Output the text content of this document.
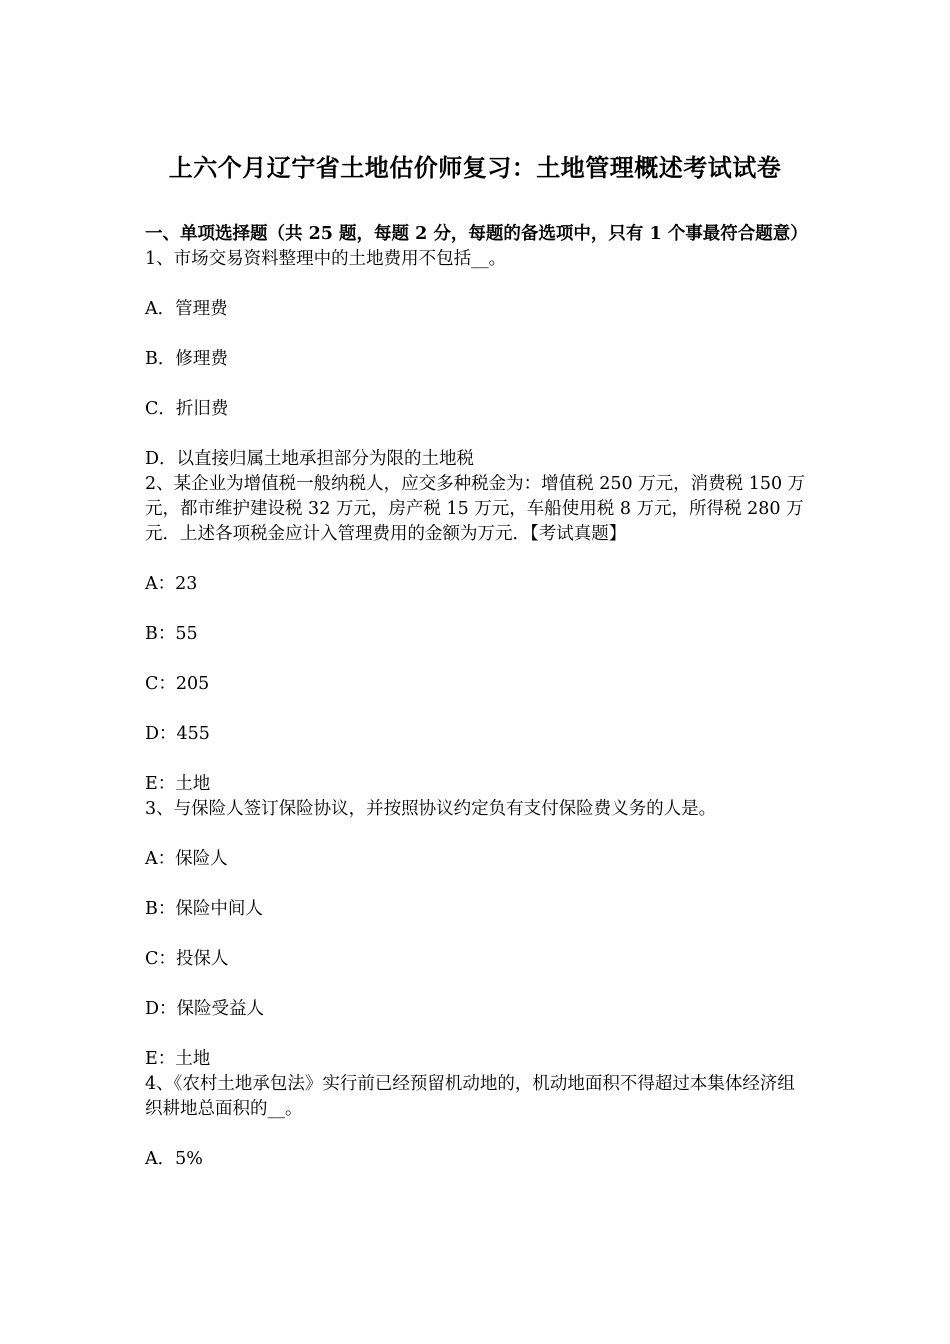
上六个月辽宁省土地估价师复习：土地管理概述考试试卷

一、单项选择题（共 25 题，每题 2 分，每题的备选项中，只有 1 个事最符合题意）

1、市场交易资料整理中的土地费用不包括__。

A．管理费

B．修理费

C．折旧费

D．以直接归属土地承担部分为限的土地税

2、某企业为增值税一般纳税人，应交多种税金为：增值税 250 万元，消费税 150 万元，都市维护建设税 32 万元，房产税 15 万元，车船使用税 8 万元，所得税 280 万元．上述各项税金应计入管理费用的金额为万元．【考试真题】

A：23

B：55

C：205

D：455

E：土地

3、与保险人签订保险协议，并按照协议约定负有支付保险费义务的人是。

A：保险人

B：保险中间人

C：投保人

D：保险受益人

E：土地

4、《农村土地承包法》实行前已经预留机动地的，机动地面积不得超过本集体经济组织耕地总面积的__。

A．5%
